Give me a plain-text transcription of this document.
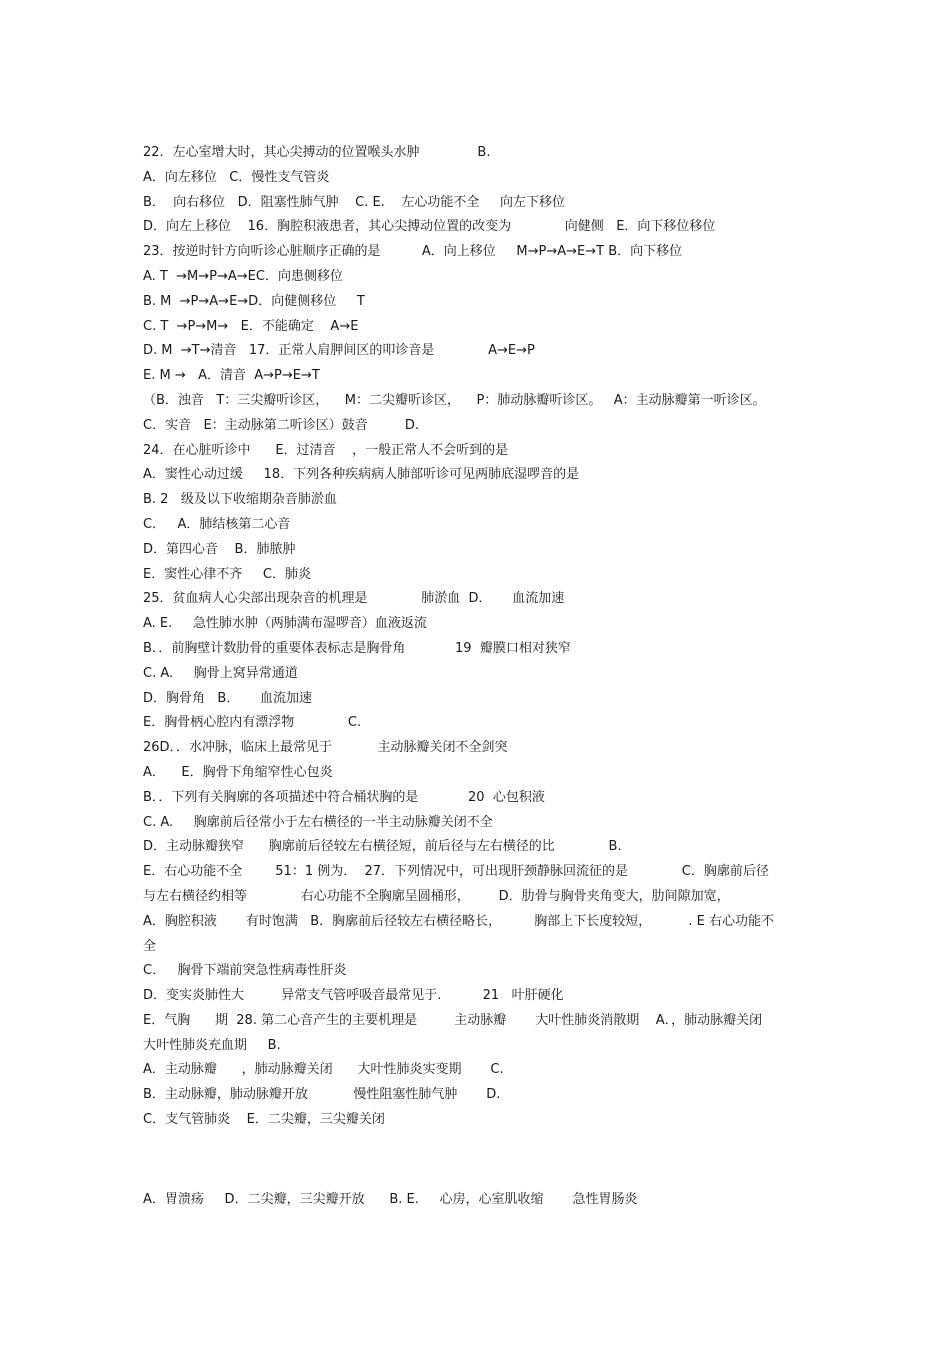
22．左心室增大时，其心尖搏动的位置喉头水肿              B.
A．向左移位   C．慢性支气管炎
B．  向右移位   D．阻塞性肺气肿    C. E.    左心功能不全     向左下移位
D．向左上移位    16．胸腔积液患者，其心尖搏动位置的改变为             向健侧   E．向下移位移位
23．按逆时针方向听诊心脏顺序正确的是          A．向上移位     M→P→A→E→T B．向下移位
A. T  →M→P→A→EC．向患侧移位
B. M  →P→A→E→D．向健侧移位     T
C. T  →P→M→   E．不能确定    A→E
D. M  →T→清音   17．正常人肩胛间区的叩诊音是             A→E→P
E. M →   A．清音  A→P→E→T
（B．浊音   T：三尖瓣听诊区，    M：二尖瓣听诊区，    P：肺动脉瓣听诊区。   A：主动脉瓣第一听诊区。
C．实音   E：主动脉第二听诊区）鼓音         D.
24．在心脏听诊中      E．过清音    ，一般正常人不会听到的是
A．窦性心动过缓     18．下列各种疾病病人肺部听诊可见两肺底湿啰音的是
B. 2   级及以下收缩期杂音肺淤血
C．   A．肺结核第二心音
D．第四心音    B．肺脓肿
E．窦性心律不齐     C．肺炎
25．贫血病人心尖部出现杂音的机理是             肺淤血  D．     血流加速
A. E.     急性肺水肿（两肺满布湿啰音）血液返流
B．．前胸壁计数肋骨的重要体表标志是胸骨角            19  瓣膜口相对狭窄
C. A.     胸骨上窝异常通道
D．胸骨角   B．     血流加速
E．胸骨柄心腔内有漂浮物             C.
26D．．水冲脉，临床上最常见于           主动脉瓣关闭不全剑突
A．    E．胸骨下角缩窄性心包炎
B．．下列有关胸廓的各项描述中符合桶状胸的是            20  心包积液
C. A.     胸廓前后径常小于左右横径的一半主动脉瓣关闭不全
D．主动脉瓣狭窄      胸廓前后径较左右横径短，前后径与左右横径的比             B.
E．右心功能不全        51：1 例为．  27．下列情况中，可出现肝颈静脉回流征的是             C．胸廓前后径
与左右横径约相等             右心功能不全胸廓呈圆桶形，       D．肋骨与胸骨夹角变大，肋间隙加宽，
A．胸腔积液       有时饱满   B．胸廓前后径较左右横径略长，        胸部上下长度较短，         . E 右心功能不
全
C．   胸骨下端前突急性病毒性肝炎
D．变实炎肺性大         异常支气管呼吸音最常见于.          21   叶肝硬化
E．气胸      期  28. 第二心音产生的主要机理是         主动脉瓣       大叶性肺炎消散期    A．，肺动脉瓣关闭
大叶性肺炎充血期     B.
A．主动脉瓣      ，肺动脉瓣关闭      大叶性肺炎实变期       C.
B．主动脉瓣，肺动脉瓣开放           慢性阻塞性肺气肿       D.
C．支气管肺炎    E．二尖瓣，三尖瓣关闭
A．胃溃疡     D．二尖瓣，三尖瓣开放      B. E.     心房，心室肌收缩       急性胃肠炎
